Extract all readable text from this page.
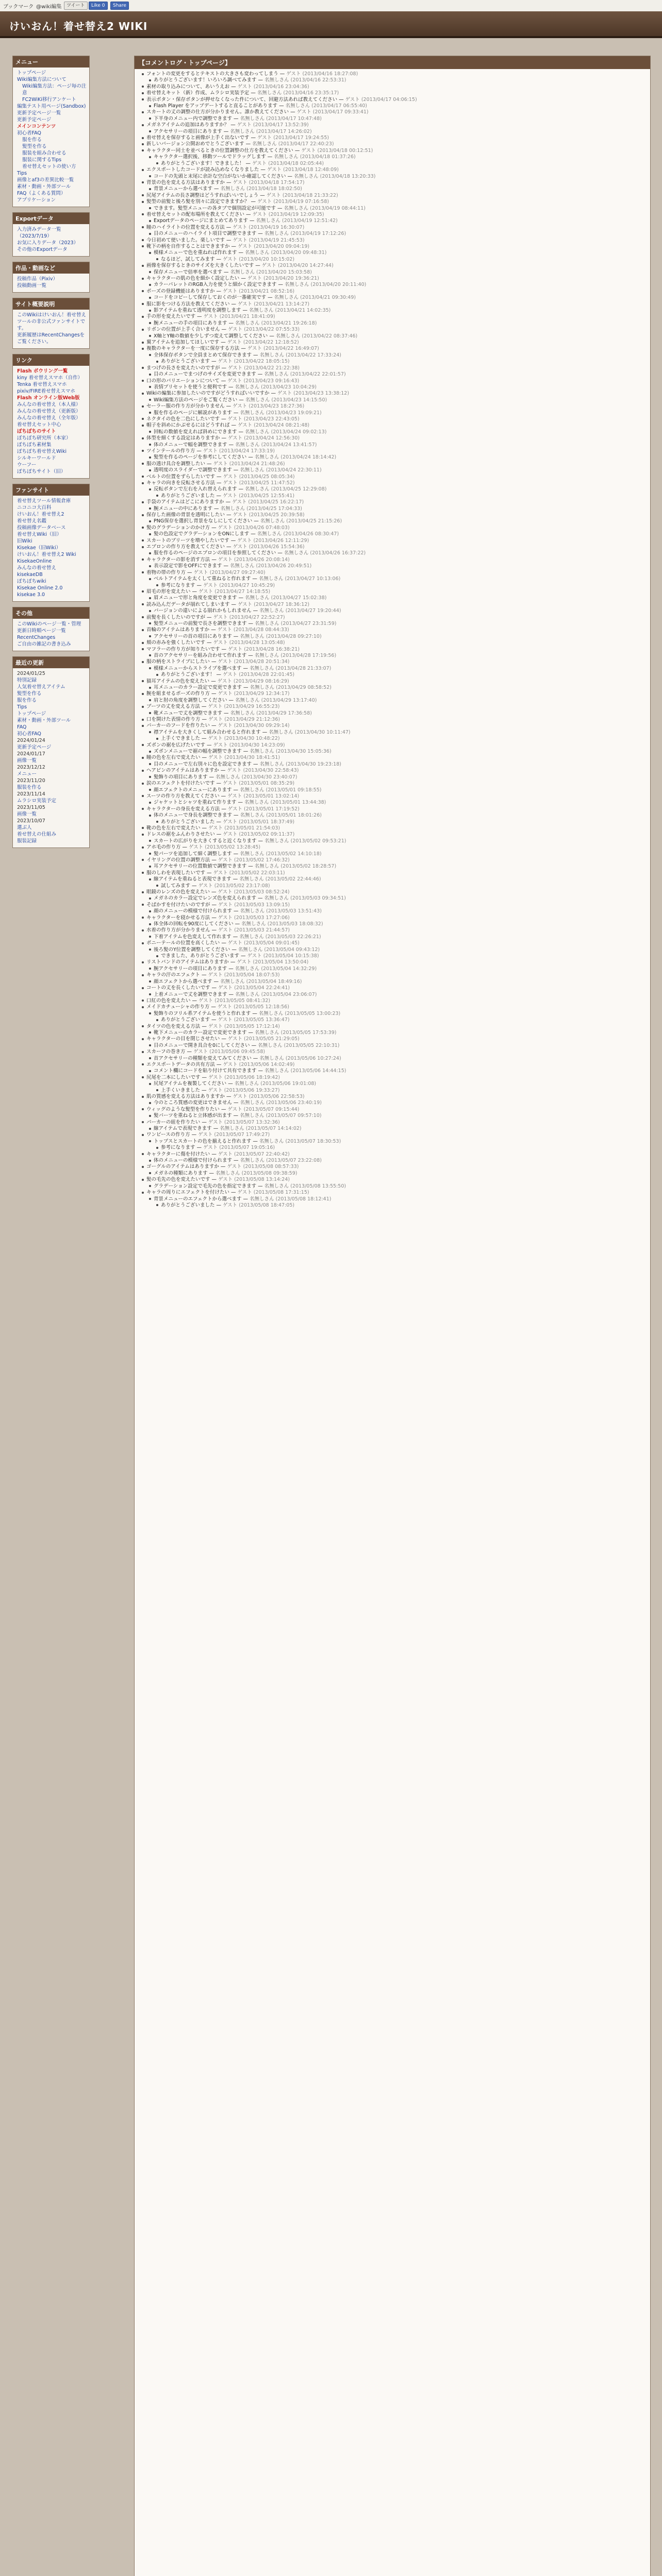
ブックマーク @wiki編集	ツイート	Like 0	Share
けいおん！着せ替え2 WIKI
メニュー
トップページ
Wiki編集方法について
Wiki編集方法：ページ毎の注意
FC2WiKi移行アンケート
編集テスト用ページ(Sandbox)
更新予定ページ一覧
更新予定ページ
メインコンテンツ
初心者FAQ
服を作る
髪型を作る
服装を組み合わせる
服装に関するTips
着せ替えセットの使い方
Tips
画像とaf3の差異比較一覧
素材・動画・外部ツール
FAQ（よくある質問）
アプリケーション
Exportデータ
入力済みデータ一覧（2023/7/19）
お気に入りデータ（2023）
その他のExportデータ
作品・動画など
投稿作品（Pixiv）
投稿動画一覧
サイト概要説明
このWikiはけいおん！着せ替えツールの非公式ファンサイトです。
更新履歴はRecentChangesをご覧ください。
リンク
Flash ボウリング一覧
kiny 着せ替えスマホ（自作）
Tenka 着せ替えスマホ
pixiv/FIRE着せ替えスマホ
Flash オンライン版Web版
みんなの着せ替え（本人様）
みんなの着せ替え（更新版）
みんなの着せ替え（全年版）
着せ替えセット中心
ぼちぼちのサイト
ぼちぼち研究所（本家）
ぼちぼち素材集
ぼちぼち着せ替えWiki
シルキーワールド
ウーフー
ぼちぼちサイト（旧）
ファンサイト
着せ替えツール情報倉庫
ニコニコ大百科
けいおん！着せ替え2
着せ替え名鑑
投稿画像データベース
着せ替えWiki（旧）
旧Wiki
Kisekae（旧Wiki）
けいおん！着せ替え2 Wiki
KisekaeOnline
みんなの着せ替え
kisekaeDB
ぼちぼちwiki
Kisekae Online 2.0
kisekae 3.0
その他
このWikiのページ一覧・管理
更新日時順ページ一覧
RecentChanges
ご自由の雑記の書き込み
最近の更新
2024/01/25
特別記録
人気着せ替えアイテム
髪型を作る
服を作る
Tips
トップページ
素材・動画・外部ツール
FAQ
初心者FAQ
2024/01/24
更新予定ページ
2024/01/17
画像一覧
2023/12/12
メニュー
2023/11/20
服装を作る
2023/11/14
ムラシロ実装予定
2023/11/05
画像一覧
2023/10/07
選ぶ人
着せ替えの仕組み
服装記録
【コメントログ・トップページ】
フォントの変更をするとテキストの大きさも変わってしまう — ゲスト (2013/04/16 18:27:08)
ありがとうございます！いろいろ調べてみます — 名無しさん (2013/04/16 22:53:31)
素材の取り込みについて、あいうえお — ゲスト (2013/04/16 23:04:36)
着せ替えキット（新）作成、ムラシロ実装予定 — 名無しさん (2013/04/16 23:35:17)
表示ボタン・保存ボタンが押せなくなった件について、回避方法あれば教えてください — ゲスト (2013/04/17 04:06:15)
Flash Player をアップデートすると直ることがあります — 名無しさん (2013/04/17 06:55:40)
スカートの丈の調整の仕方が分かりません。誰か教えてください — ゲスト (2013/04/17 09:33:41)
下半身のメニュー内で調整できます — 名無しさん (2013/04/17 10:47:48)
メガネアイテムの追加はありますか？ — ゲスト (2013/04/17 13:52:39)
アクセサリーの項目にあります — 名無しさん (2013/04/17 14:26:02)
着せ替えを保存すると画像が上手く出ないです — ゲスト (2013/04/17 19:24:55)
新しいバージョン公開おめでとうございます — 名無しさん (2013/04/17 22:40:23)
キャラクター同士を並べるときの位置調整の仕方を教えてください — ゲスト (2013/04/18 00:12:51)
キャラクター選択後、移動ツールでドラッグします — 名無しさん (2013/04/18 01:37:26)
ありがとうございます！できました！ — ゲスト (2013/04/18 02:05:44)
エクスポートしたコードが読み込めなくなりました — ゲスト (2013/04/18 12:48:09)
コードの先頭と末尾に余計な空白がないか確認してください — 名無しさん (2013/04/18 13:20:33)
背景の色を変える方法はありますか — ゲスト (2013/04/18 17:54:17)
背景メニューから選べます — 名無しさん (2013/04/18 18:02:50)
尻尾アイテムの長さ調整はどうすればいいでしょう — ゲスト (2013/04/18 21:33:22)
髪型の前髪と後ろ髪を別々に設定できますか？ — ゲスト (2013/04/19 07:16:58)
できます。髪型メニューの各タブで個別設定が可能です — 名無しさん (2013/04/19 08:44:11)
着せ替えセットの配布場所を教えてください — ゲスト (2013/04/19 12:09:35)
Exportデータのページにまとめてあります — 名無しさん (2013/04/19 12:51:42)
瞳のハイライトの位置を変える方法 — ゲスト (2013/04/19 16:30:07)
目のメニューのハイライト項目で調整できます — 名無しさん (2013/04/19 17:12:26)
今日初めて使いました。楽しいです — ゲスト (2013/04/19 21:45:53)
靴下の柄を自作することはできますか — ゲスト (2013/04/20 09:04:19)
模様メニューで色を重ねれば作れます — 名無しさん (2013/04/20 09:48:31)
なるほど、試してみます — ゲスト (2013/04/20 10:15:02)
画像を保存するときのサイズを大きくしたいです — ゲスト (2013/04/20 14:27:44)
保存メニューで倍率を選べます — 名無しさん (2013/04/20 15:03:58)
キャラクターの肌の色を細かく設定したい — ゲスト (2013/04/20 19:36:21)
カラーパレットのRGB入力を使うと細かく設定できます — 名無しさん (2013/04/20 20:11:40)
ポーズの登録機能はありますか — ゲスト (2013/04/21 08:52:16)
コードをコピーして保存しておくのが一番確実です — 名無しさん (2013/04/21 09:30:49)
服に影をつける方法を教えてください — ゲスト (2013/04/21 13:14:27)
影アイテムを重ねて透明度を調整します — 名無しさん (2013/04/21 14:02:35)
手の形を変えたいです — ゲスト (2013/04/21 18:41:09)
腕メニューの手の項目にあります — 名無しさん (2013/04/21 19:26:18)
リボンの位置が上手く合いません — ゲスト (2013/04/22 07:55:33)
X軸とY軸の数値を少しずつ変えて調整してください — 名無しさん (2013/04/22 08:37:46)
翼アイテムを追加してほしいです — ゲスト (2013/04/22 12:18:52)
複数のキャラクターを一度に保存する方法 — ゲスト (2013/04/22 16:49:07)
全体保存ボタンで全員まとめて保存できます — 名無しさん (2013/04/22 17:33:24)
ありがとうございます — ゲスト (2013/04/22 18:05:15)
まつげの長さを変えたいのですが — ゲスト (2013/04/22 21:22:38)
目のメニューでまつげのサイズを変更できます — 名無しさん (2013/04/22 22:01:57)
口の形のバリエーションについて — ゲスト (2013/04/23 09:16:43)
表情プリセットを使うと便利です — 名無しさん (2013/04/23 10:04:29)
Wikiの編集に参加したいのですがどうすればいいですか — ゲスト (2013/04/23 13:38:12)
Wiki編集方法のページをご覧ください — 名無しさん (2013/04/23 14:15:50)
セーラー服の作り方が分かりません — ゲスト (2013/04/23 18:27:36)
服を作るのページに解説があります — 名無しさん (2013/04/23 19:09:21)
ネクタイの色を二色にしたいです — ゲスト (2013/04/23 22:43:05)
帽子を斜めにかぶせるにはどうすれば — ゲスト (2013/04/24 08:21:48)
回転の数値を変えれば斜めにできます — 名無しさん (2013/04/24 09:02:13)
体型を細くする設定はありますか — ゲスト (2013/04/24 12:56:30)
体のメニューで幅を調整できます — 名無しさん (2013/04/24 13:41:57)
ツインテールの作り方 — ゲスト (2013/04/24 17:33:19)
髪型を作るのページを参考にしてください — 名無しさん (2013/04/24 18:14:42)
服の透け具合を調整したい — ゲスト (2013/04/24 21:48:26)
透明度のスライダーで調整できます — 名無しさん (2013/04/24 22:30:11)
ベルトの位置をずらしたいです — ゲスト (2013/04/25 08:05:34)
キャラの向きを反転させる方法 — ゲスト (2013/04/25 11:47:52)
反転ボタンで左右を入れ替えられます — 名無しさん (2013/04/25 12:29:08)
ありがとうございました — ゲスト (2013/04/25 12:55:41)
手袋のアイテムはどこにありますか — ゲスト (2013/04/25 16:22:17)
腕メニューの中にあります — 名無しさん (2013/04/25 17:04:33)
保存した画像の背景を透明にしたい — ゲスト (2013/04/25 20:39:58)
PNG保存を選択し背景をなしにしてください — 名無しさん (2013/04/25 21:15:26)
髪のグラデーションのかけ方 — ゲスト (2013/04/26 07:48:03)
髪の色設定でグラデーションをONにします — 名無しさん (2013/04/26 08:30:47)
スカートのプリーツを増やしたいです — ゲスト (2013/04/26 12:11:29)
エプロンの作り方を教えてください — ゲスト (2013/04/26 15:54:36)
服を作るのページのエプロンの項目を参照してください — 名無しさん (2013/04/26 16:37:22)
キャラクターの影を消す方法 — ゲスト (2013/04/26 20:08:14)
表示設定で影をOFFにできます — 名無しさん (2013/04/26 20:49:51)
着物の帯の作り方 — ゲスト (2013/04/27 09:27:40)
ベルトアイテムを太くして重ねると作れます — 名無しさん (2013/04/27 10:13:06)
参考になります — ゲスト (2013/04/27 10:45:29)
眉毛の形を変えたい — ゲスト (2013/04/27 14:18:55)
眉メニューで形と角度を変更できます — 名無しさん (2013/04/27 15:02:38)
読み込んだデータが崩れてしまいます — ゲスト (2013/04/27 18:36:12)
バージョンの違いによる崩れかもしれません — 名無しさん (2013/04/27 19:20:44)
前髪を長くしたいのですが — ゲスト (2013/04/27 22:52:27)
髪型メニューの前髪で長さを調整できます — 名無しさん (2013/04/27 23:31:59)
首輪のアイテムはありますか — ゲスト (2013/04/28 08:44:33)
アクセサリーの首の項目にあります — 名無しさん (2013/04/28 09:27:10)
頬の赤みを強くしたいです — ゲスト (2013/04/28 13:05:48)
マフラーの作り方が知りたいです — ゲスト (2013/04/28 16:38:21)
首のアクセサリーを組み合わせて作れます — 名無しさん (2013/04/28 17:19:56)
服の柄をストライプにしたい — ゲスト (2013/04/28 20:51:34)
模様メニューからストライプを選べます — 名無しさん (2013/04/28 21:33:07)
ありがとうございます！ — ゲスト (2013/04/28 22:01:45)
猫耳アイテムの色を変えたい — ゲスト (2013/04/29 08:16:29)
耳メニューのカラー設定で変更できます — 名無しさん (2013/04/29 08:58:52)
腕を組ませるポーズの作り方 — ゲスト (2013/04/29 12:34:17)
肩と肘の角度を調整してください — 名無しさん (2013/04/29 13:17:40)
ブーツの丈を変える方法 — ゲスト (2013/04/29 16:55:23)
靴メニューで丈を調整できます — 名無しさん (2013/04/29 17:36:58)
口を開けた表情の作り方 — ゲスト (2013/04/29 21:12:36)
パーカーのフードを作りたい — ゲスト (2013/04/30 09:29:14)
襟アイテムを大きくして組み合わせると作れます — 名無しさん (2013/04/30 10:11:47)
上手くできました — ゲスト (2013/04/30 10:48:22)
ズボンの裾を広げたいです — ゲスト (2013/04/30 14:23:09)
ズボンメニューで裾の幅を調整できます — 名無しさん (2013/04/30 15:05:36)
瞳の色を左右で変えたい — ゲスト (2013/04/30 18:41:51)
目のメニューで左右別々に色を設定できます — 名無しさん (2013/04/30 19:23:18)
ヘアピンのアイテムはありますか — ゲスト (2013/04/30 22:58:43)
髪飾りの項目にあります — 名無しさん (2013/04/30 23:40:07)
涙のエフェクトを付けたいです — ゲスト (2013/05/01 08:35:29)
顔エフェクトのメニューにあります — 名無しさん (2013/05/01 09:18:55)
スーツの作り方を教えてください — ゲスト (2013/05/01 13:02:14)
ジャケットとシャツを重ねて作ります — 名無しさん (2013/05/01 13:44:38)
キャラクターの身長を変える方法 — ゲスト (2013/05/01 17:19:52)
体のメニューで身長を調整できます — 名無しさん (2013/05/01 18:01:26)
ありがとうございました — ゲスト (2013/05/01 18:37:49)
靴の色を左右で変えたい — ゲスト (2013/05/01 21:54:03)
ドレスの裾をふんわりさせたい — ゲスト (2013/05/02 09:11:37)
スカートの広がりを大きくすると近くなります — 名無しさん (2013/05/02 09:53:21)
アホ毛の作り方 — ゲスト (2013/05/02 13:28:45)
髪パーツを追加して細く調整します — 名無しさん (2013/05/02 14:10:18)
イヤリングの位置の調整方法 — ゲスト (2013/05/02 17:46:32)
耳アクセサリーの位置数値で調整できます — 名無しさん (2013/05/02 18:28:57)
服のしわを表現したいです — ゲスト (2013/05/02 22:03:11)
線アイテムを重ねると表現できます — 名無しさん (2013/05/02 22:44:46)
試してみます — ゲスト (2013/05/02 23:17:08)
眼鏡のレンズの色を変えたい — ゲスト (2013/05/03 08:52:24)
メガネのカラー設定でレンズ色を変えられます — 名無しさん (2013/05/03 09:34:51)
そばかすを付けたいのですが — ゲスト (2013/05/03 13:09:15)
顔のメニューの模様で付けられます — 名無しさん (2013/05/03 13:51:43)
キャラクターを寝かせる方法 — ゲスト (2013/05/03 17:27:06)
体全体の回転を90度にしてください — 名無しさん (2013/05/03 18:08:32)
水着の作り方が分かりません — ゲスト (2013/05/03 21:44:57)
下着アイテムを色変えして作れます — 名無しさん (2013/05/03 22:26:21)
ポニーテールの位置を高くしたい — ゲスト (2013/05/04 09:01:45)
後ろ髪のY位置を調整してください — 名無しさん (2013/05/04 09:43:12)
できました、ありがとうございます — ゲスト (2013/05/04 10:15:38)
リストバンドのアイテムはありますか — ゲスト (2013/05/04 13:50:04)
腕アクセサリーの項目にあります — 名無しさん (2013/05/04 14:32:29)
キャラの汗のエフェクト — ゲスト (2013/05/04 18:07:53)
顔エフェクトから選べます — 名無しさん (2013/05/04 18:49:16)
コートの丈を長くしたいです — ゲスト (2013/05/04 22:24:41)
上着メニューで丈を調整できます — 名無しさん (2013/05/04 23:06:07)
口紅の色を変えたい — ゲスト (2013/05/05 08:41:32)
メイドカチューシャの作り方 — ゲスト (2013/05/05 12:18:56)
髪飾りのフリル系アイテムを使うと作れます — 名無しさん (2013/05/05 13:00:23)
ありがとうございます — ゲスト (2013/05/05 13:36:47)
タイツの色を変える方法 — ゲスト (2013/05/05 17:12:14)
靴下メニューのカラー設定で変更できます — 名無しさん (2013/05/05 17:53:39)
キャラクターの目を閉じさせたい — ゲスト (2013/05/05 21:29:05)
目のメニューで開き具合を0にしてください — 名無しさん (2013/05/05 22:10:31)
スカーフの巻き方 — ゲスト (2013/05/06 09:45:58)
首アクセサリーの種類を変えてみてください — 名無しさん (2013/05/06 10:27:24)
エクスポートデータの共有方法 — ゲスト (2013/05/06 14:02:49)
コメント欄にコードを貼り付けて共有できます — 名無しさん (2013/05/06 14:44:15)
尻尾を二本にしたいです — ゲスト (2013/05/06 18:19:42)
尻尾アイテムを複製してください — 名無しさん (2013/05/06 19:01:08)
上手くいきました — ゲスト (2013/05/06 19:33:27)
肌の質感を変える方法はありますか — ゲスト (2013/05/06 22:58:53)
今のところ質感の変更はできません — 名無しさん (2013/05/06 23:40:19)
ウィッグのような髪型を作りたい — ゲスト (2013/05/07 09:15:44)
髪パーツを重ねると立体感が出ます — 名無しさん (2013/05/07 09:57:10)
パーカーの紐を作りたい — ゲスト (2013/05/07 13:32:36)
線アイテムで表現できます — 名無しさん (2013/05/07 14:14:02)
ワンピースの作り方 — ゲスト (2013/05/07 17:49:27)
トップスとスカートの色を揃えると作れます — 名無しさん (2013/05/07 18:30:53)
参考になります — ゲスト (2013/05/07 19:05:16)
キャラクターに傷を付けたい — ゲスト (2013/05/07 22:40:42)
体のメニューの模様で付けられます — 名無しさん (2013/05/07 23:22:08)
ゴーグルのアイテムはありますか — ゲスト (2013/05/08 08:57:33)
メガネの種類にあります — 名無しさん (2013/05/08 09:38:59)
髪の毛先の色を変えたいです — ゲスト (2013/05/08 13:14:24)
グラデーション設定で毛先の色を指定できます — 名無しさん (2013/05/08 13:55:50)
キャラの周りにエフェクトを付けたい — ゲスト (2013/05/08 17:31:15)
背景メニューのエフェクトから選べます — 名無しさん (2013/05/08 18:12:41)
ありがとうございました — ゲスト (2013/05/08 18:47:05)
